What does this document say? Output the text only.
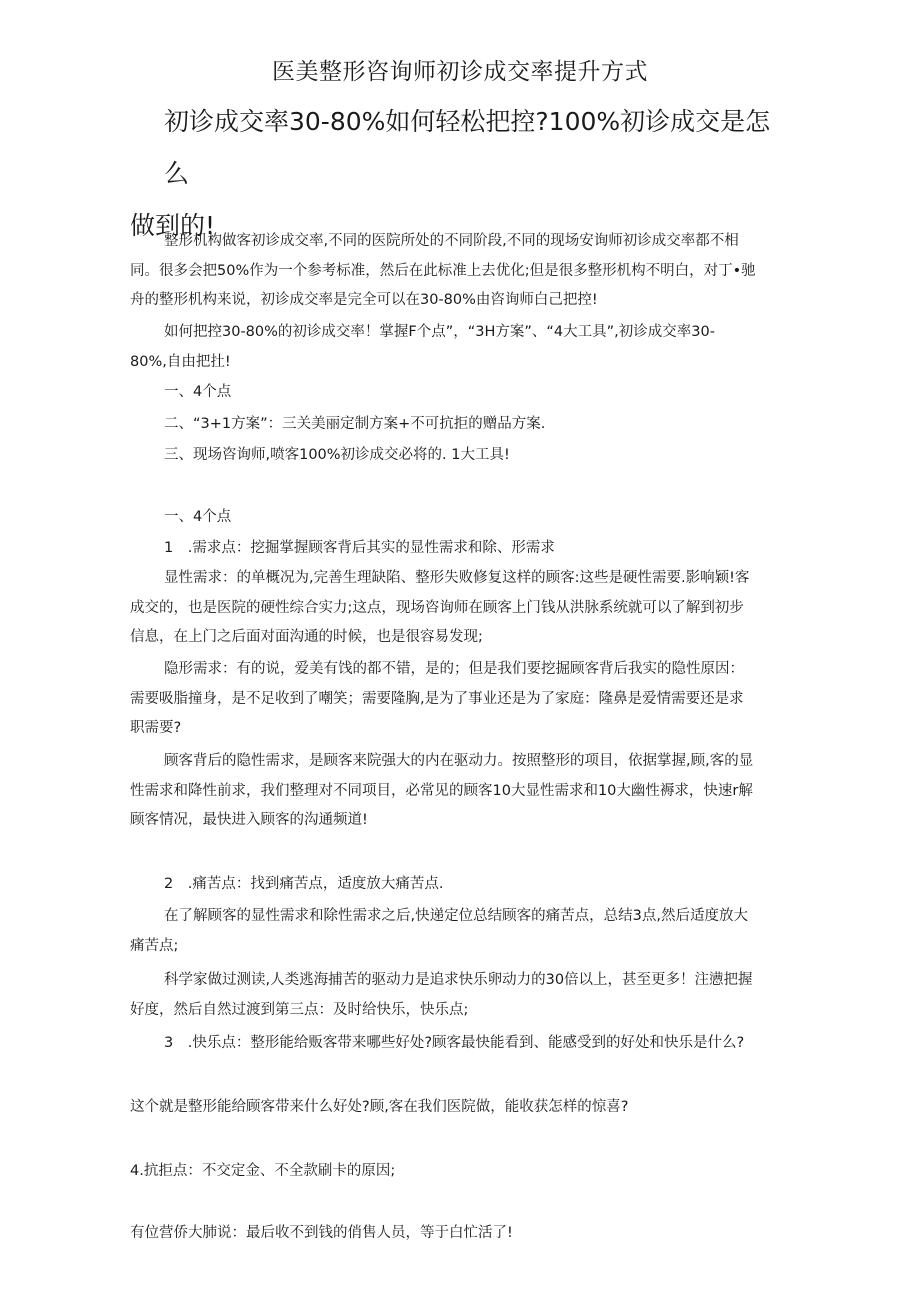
医美整形咨询师初诊成交率提升方式
初诊成交率30-80%如何轻松把控?100%初诊成交是怎么
做到的!
整形机构做客初诊成交率,不同的医院所处的不同阶段,不同的现场安询师初诊成交率都不相
同。很多会把50%作为一个参考标准，然后在此标准上去优化;但是很多整形机构不明白，对丁•驰
舟的整形机构来说，初诊成交率是完全可以在30-80%由咨询师白己把控!
如何把控30-80%的初诊成交率！掌握F个点”，“3H方案”、“4大工具”,初诊成交率30-
80%,自由把扗!
一、4个点
二、“3+1方案”：三关美丽定制方案+不可抗拒的赠品方案.
三、现场咨询师,喷客100%初诊成交必将的. 1大工具!
一、4个点
1　.需求点：挖掘掌握顾客背后其实的显性需求和除、形需求
显性需求：的单概况为,完善生理缺陷、整形失败修复这样的顾客:这些是硬性需要.影响颖!客
成交的，也是医院的硬性综合实力;这点，现场咨询师在顾客上门钱从洪脉系统就可以了解到初步
信息，在上门之后面对面沟通的时候，也是很容易发现;
隐形需求：有的说，爱美有饯的都不错，是的；但是我们要挖掘顾客背后我实的隐性原因：
需要吸脂撞身，是不足收到了嘲笑；需要隆胸,是为了事业还是为了家庭：隆鼻是爱情需要还是求
职需要?
顾客背后的隐性需求，是顾客来院强大的内在驱动力。按照整形的项目，依据掌握,顾,客的显
性需求和降性前求，我们整理对不同项目，必常见的顾客10大显性需求和10大幽性褥求，快速r解
顾客情况，最快进入顾客的沟通频道!
2　.痛苦点：找到痛苦点，适度放大痛苦点.
在了解顾客的显性需求和除性需求之后,快递定位总结顾客的痛苦点，总结3点,然后适度放大
痛苦点;
科学家做过测读,人类逃海捕苦的驱动力是追求快乐卵动力的30倍以上，甚至更多！注懑把握
好度，然后自然过渡到第三点：及时给快乐，快乐点;
3　.快乐点：整形能给贩客带来哪些好处?顾客最快能看到、能感受到的好处和快乐是什么?
这个就是整形能给顾客带来什么好处?顾,客在我们医院做，能收获怎样的惊喜?
4.抗拒点：不交定金、不全款刷卡的原因;
有位营侨大肺说：最后收不到钱的俏售人员，等于白忙活了!
